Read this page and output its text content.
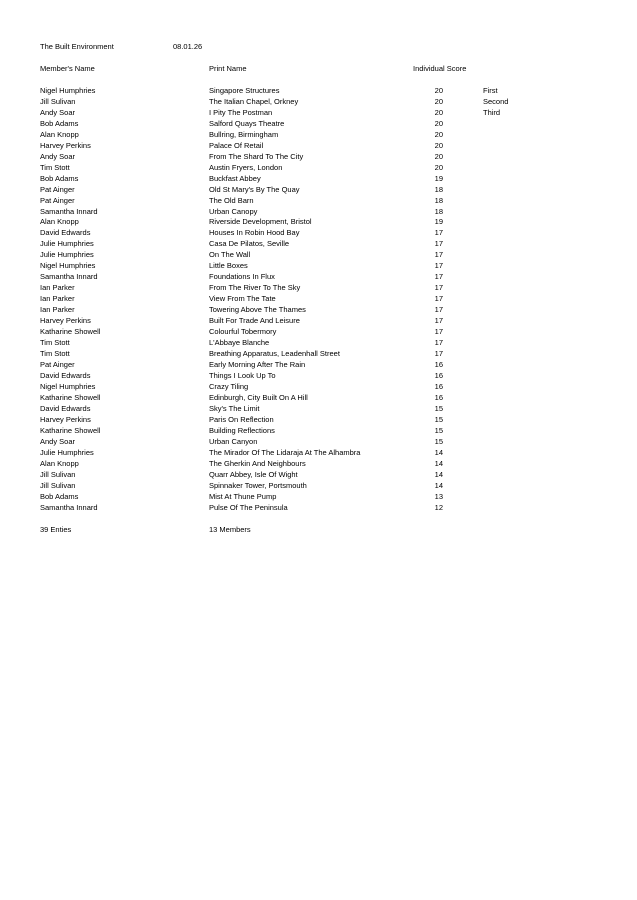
The Built Environment	08.01.26
Member's Name	Print Name	Individual Score
Nigel Humphries	Singapore Structures	20	First
Jill Sulivan	The Italian Chapel, Orkney	20	Second
Andy Soar	I Pity The Postman	20	Third
Bob Adams	Salford Quays Theatre	20
Alan Knopp	Bullring, Birmingham	20
Harvey Perkins	Palace Of Retail	20
Andy Soar	From The Shard To The City	20
Tim Stott	Austin Fryers, London	20
Bob Adams	Buckfast Abbey	19
Pat Ainger	Old St Mary's By The Quay	18
Pat Ainger	The Old Barn	18
Samantha Innard	Urban Canopy	18
Alan Knopp	Riverside Development, Bristol	19
David Edwards	Houses In Robin Hood Bay	17
Julie Humphries	Casa De Pilatos, Seville	17
Julie Humphries	On The Wall	17
Nigel Humphries	Little Boxes	17
Samantha Innard	Foundations In Flux	17
Ian Parker	From The River To The Sky	17
Ian Parker	View From The Tate	17
Ian Parker	Towering Above The Thames	17
Harvey Perkins	Built For Trade And Leisure	17
Katharine Showell	Colourful Tobermory	17
Tim Stott	L'Abbaye Blanche	17
Tim Stott	Breathing Apparatus, Leadenhall Street	17
Pat Ainger	Early Morning After The Rain	16
David Edwards	Things I Look Up To	16
Nigel Humphries	Crazy Tiling	16
Katharine Showell	Edinburgh, City Built On A Hill	16
David Edwards	Sky's The Limit	15
Harvey Perkins	Paris On Reflection	15
Katharine Showell	Building Reflections	15
Andy Soar	Urban Canyon	15
Julie Humphries	The Mirador Of The Lidaraja At The Alhambra	14
Alan Knopp	The Gherkin And Neighbours	14
Jill Sulivan	Quarr Abbey, Isle Of Wight	14
Jill Sulivan	Spinnaker Tower, Portsmouth	14
Bob Adams	Mist At Thune Pump	13
Samantha Innard	Pulse Of The Peninsula	12
39 Enties	13 Members
